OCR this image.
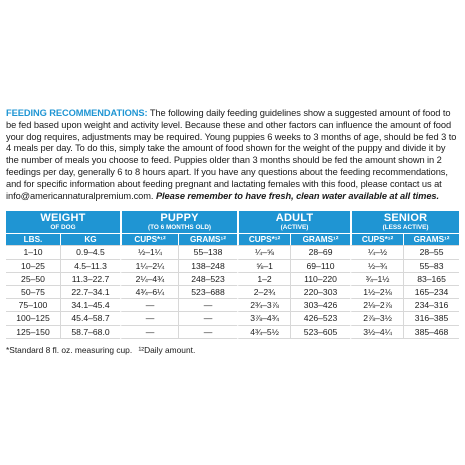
FEEDING RECOMMENDATIONS: The following daily feeding guidelines show a suggested amount of food to be fed based upon weight and activity level. Because these and other factors can influence the amount of food your dog requires, adjustments may be required. Young puppies 6 weeks to 3 months of age, should be fed 3 to 4 meals per day. To do this, simply take the amount of food shown for the weight of the puppy and divide it by the number of meals you choose to feed. Puppies older than 3 months should be fed the amount shown in 2 feedings per day, generally 6 to 8 hours apart. If you have any questions about the feeding recommendations, and for specific information about feeding pregnant and lactating females with this food, please contact us at info@americannaturalpremium.com. Please remember to have fresh, clean water available at all times.

WEIGHT
OF DOG		PUPPY
(TO 6 MONTHS OLD)		ADULT
(ACTIVE)		SENIOR
(LESS ACTIVE)	

LBS.	KG	CUPS*¹²	GRAMS¹²	CUPS*¹²	GRAMS¹²	CUPS*¹²	GRAMS¹²
1–10	0.9–4.5	½–1¼	55–138	¼–⅝	28–69	¼–½	28–55
10–25	4.5–11.3	1¼–2¼	138–248	⅝–1	69–110	½–¾	55–83
25–50	11.3–22.7	2¼–4¾	248–523	1–2	110–220	¾–1½	83–165
50–75	22.7–34.1	4¾–6¼	523–688	2–2¾	220–303	1½–2⅛	165–234
75–100	34.1–45.4	—	—	2¾–3⅞	303–426	2⅛–2⅞	234–316
100–125	45.4–58.7	—	—	3⅞–4¾	426–523	2⅞–3½	316–385
125–150	58.7–68.0	—	—	4¾–5½	523–605	3½–4¼	385–468
*Standard 8 fl. oz. measuring cup. ¹²Daily amount.
